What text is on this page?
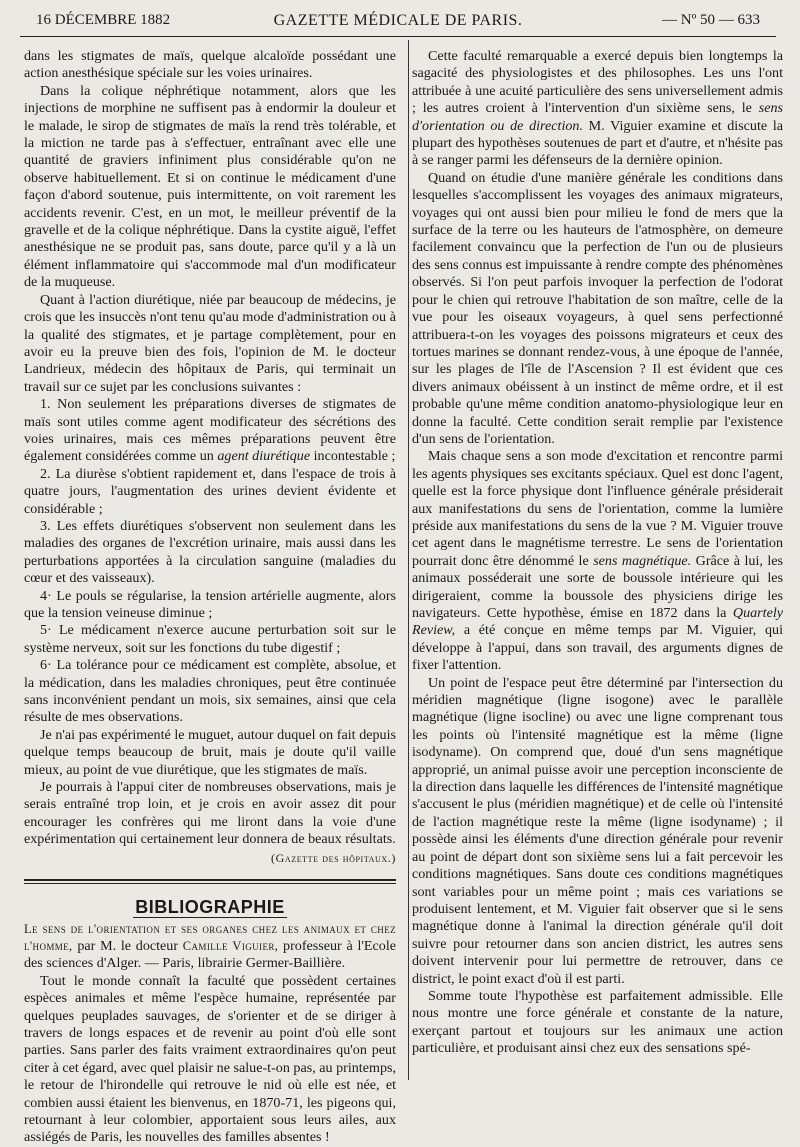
16 DÉCEMBRE 1882	GAZETTE MÉDICALE DE PARIS.	— Nº 50 — 633

dans les stigmates de maïs, quelque alcaloïde possédant une action anesthésique spéciale sur les voies urinaires.

Dans la colique néphrétique notamment, alors que les injections de morphine ne suffisent pas à endormir la douleur et le malade, le sirop de stigmates de maïs la rend très tolérable, et la miction ne tarde pas à s'effectuer, entraînant avec elle une quantité de graviers infiniment plus considérable qu'on ne observe habituellement. Et si on continue le médicament d'une façon d'abord soutenue, puis intermittente, on voit rarement les accidents revenir. C'est, en un mot, le meilleur préventif de la gravelle et de la colique néphrétique. Dans la cystite aiguë, l'effet anesthésique ne se produit pas, sans doute, parce qu'il y a là un élément inflammatoire qui s'accommode mal d'un modificateur de la muqueuse.

Quant à l'action diurétique, niée par beaucoup de médecins, je crois que les insuccès n'ont tenu qu'au mode d'administration ou à la qualité des stigmates, et je partage complètement, pour en avoir eu la preuve bien des fois, l'opinion de M. le docteur Landrieux, médecin des hôpitaux de Paris, qui terminait un travail sur ce sujet par les conclusions suivantes :

1. Non seulement les préparations diverses de stigmates de maïs sont utiles comme agent modificateur des sécrétions des voies urinaires, mais ces mêmes préparations peuvent être également considérées comme un agent diurétique incontestable ;

2. La diurèse s'obtient rapidement et, dans l'espace de trois à quatre jours, l'augmentation des urines devient évidente et considérable ;

3. Les effets diurétiques s'observent non seulement dans les maladies des organes de l'excrétion urinaire, mais aussi dans les perturbations apportées à la circulation sanguine (maladies du cœur et des vaisseaux).

4· Le pouls se régularise, la tension artérielle augmente, alors que la tension veineuse diminue ;

5· Le médicament n'exerce aucune perturbation soit sur le système nerveux, soit sur les fonctions du tube digestif ;

6· La tolérance pour ce médicament est complète, absolue, et la médication, dans les maladies chroniques, peut être continuée sans inconvénient pendant un mois, six semaines, ainsi que cela résulte de mes observations.

Je n'ai pas expérimenté le muguet, autour duquel on fait depuis quelque temps beaucoup de bruit, mais je doute qu'il vaille mieux, au point de vue diurétique, que les stigmates de maïs.

Je pourrais à l'appui citer de nombreuses observations, mais je serais entraîné trop loin, et je crois en avoir assez dit pour encourager les confrères qui me liront dans la voie d'une expérimentation qui certainement leur donnera de beaux résultats.

(Gazette des hôpitaux.)

BIBLIOGRAPHIE

Le sens de l'orientation et ses organes chez les animaux et chez l'homme, par M. le docteur Camille Viguier, professeur à l'Ecole des sciences d'Alger. — Paris, librairie Germer-Baillière.

Tout le monde connaît la faculté que possèdent certaines espèces animales et même l'espèce humaine, représentée par quelques peuplades sauvages, de s'orienter et de se diriger à travers de longs espaces et de revenir au point d'où elle sont parties. Sans parler des faits vraiment extraordinaires qu'on peut citer à cet égard, avec quel plaisir ne salue-t-on pas, au printemps, le retour de l'hirondelle qui retrouve le nid où elle est née, et combien aussi étaient les bienvenus, en 1870-71, les pigeons qui, retournant à leur colombier, apportaient sous leurs ailes, aux assiégés de Paris, les nouvelles des familles absentes !

Cette faculté remarquable a exercé depuis bien longtemps la sagacité des physiologistes et des philosophes. Les uns l'ont attribuée à une acuité particulière des sens universellement admis ; les autres croient à l'intervention d'un sixième sens, le sens d'orientation ou de direction. M. Viguier examine et discute la plupart des hypothèses soutenues de part et d'autre, et n'hésite pas à se ranger parmi les défenseurs de la dernière opinion.

Quand on étudie d'une manière générale les conditions dans lesquelles s'accomplissent les voyages des animaux migrateurs, voyages qui ont aussi bien pour milieu le fond de mers que la surface de la terre ou les hauteurs de l'atmosphère, on demeure facilement convaincu que la perfection de l'un ou de plusieurs des sens connus est impuissante à rendre compte des phénomènes observés. Si l'on peut parfois invoquer la perfection de l'odorat pour le chien qui retrouve l'habitation de son maître, celle de la vue pour les oiseaux voyageurs, à quel sens perfectionné attribuera-t-on les voyages des poissons migrateurs et ceux des tortues marines se donnant rendez-vous, à une époque de l'année, sur les plages de l'île de l'Ascension ? Il est évident que ces divers animaux obéissent à un instinct de même ordre, et il est probable qu'une même condition anatomo-physiologique leur en donne la faculté. Cette condition serait remplie par l'existence d'un sens de l'orientation.

Mais chaque sens a son mode d'excitation et rencontre parmi les agents physiques ses excitants spéciaux. Quel est donc l'agent, quelle est la force physique dont l'influence générale présiderait aux manifestations du sens de l'orientation, comme la lumière préside aux manifestations du sens de la vue ? M. Viguier trouve cet agent dans le magnétisme terrestre. Le sens de l'orientation pourrait donc être dénommé le sens magnétique. Grâce à lui, les animaux posséderait une sorte de boussole intérieure qui les dirigeraient, comme la boussole des physiciens dirige les navigateurs. Cette hypothèse, émise en 1872 dans la Quartely Review, a été conçue en même temps par M. Viguier, qui développe à l'appui, dans son travail, des arguments dignes de fixer l'attention.

Un point de l'espace peut être déterminé par l'intersection du méridien magnétique (ligne isogone) avec le parallèle magnétique (ligne isocline) ou avec une ligne comprenant tous les points où l'intensité magnétique est la même (ligne isodyname). On comprend que, doué d'un sens magnétique approprié, un animal puisse avoir une perception inconsciente de la direction dans laquelle les différences de l'intensité magnétique s'accusent le plus (méridien magnétique) et de celle où l'intensité de l'action magnétique reste la même (ligne isodyname) ; il possède ainsi les éléments d'une direction générale pour revenir au point de départ dont son sixième sens lui a fait percevoir les conditions magnétiques. Sans doute ces conditions magnétiques sont variables pour un même point ; mais ces variations se produisent lentement, et M. Viguier fait observer que si le sens magnétique donne à l'animal la direction générale qu'il doit suivre pour retourner dans son ancien district, les autres sens doivent intervenir pour lui permettre de retrouver, dans ce district, le point exact d'où il est parti.

Somme toute l'hypothèse est parfaitement admissible. Elle nous montre une force générale et constante de la nature, exerçant partout et toujours sur les animaux une action particulière, et produisant ainsi chez eux des sensations spé-
